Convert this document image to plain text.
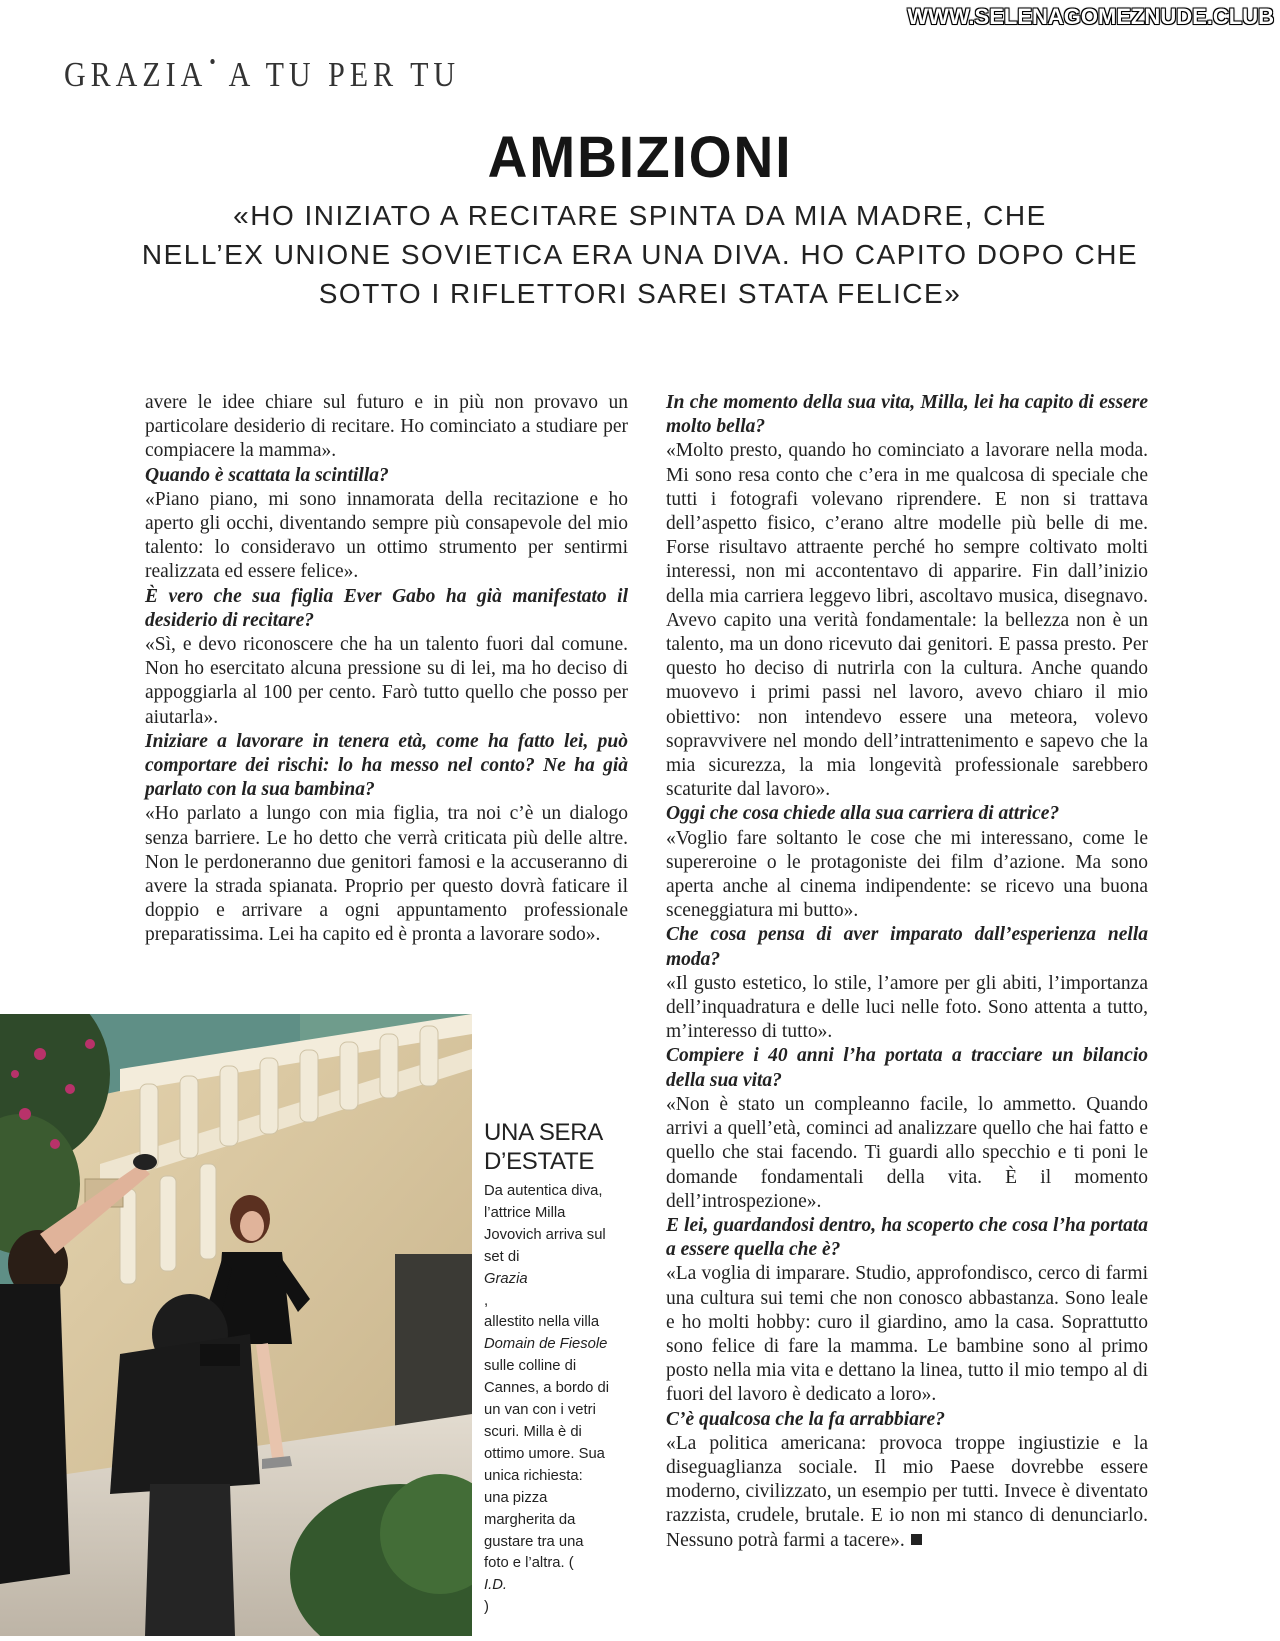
WWW.SELENAGOMEZNUDE.CLUB
GRAZIA • A TU PER TU
AMBIZIONI
«HO INIZIATO A RECITARE SPINTA DA MIA MADRE, CHE
NELL’EX UNIONE SOVIETICA ERA UNA DIVA. HO CAPITO DOPO CHE
SOTTO I RIFLETTORI SAREI STATA FELICE»

avere le idee chiare sul futuro e in più non provavo un particolare desiderio di recitare. Ho cominciato a studiare per compiacere la mamma».

Quando è scattata la scintilla?

«Piano piano, mi sono innamorata della recitazione e ho aperto gli occhi, diventando sempre più consapevole del mio talento: lo consideravo un ottimo strumento per sentirmi realizzata ed essere felice».

È vero che sua figlia Ever Gabo ha già manifestato il desiderio di recitare?

«Sì, e devo riconoscere che ha un talento fuori dal comune. Non ho esercitato alcuna pressione su di lei, ma ho deciso di appoggiarla al 100 per cento. Farò tutto quello che posso per aiutarla».

Iniziare a lavorare in tenera età, come ha fatto lei, può comportare dei rischi: lo ha messo nel conto? Ne ha già parlato con la sua bambina?

«Ho parlato a lungo con mia figlia, tra noi c’è un dialogo senza barriere. Le ho detto che verrà criticata più delle altre. Non le perdoneranno due genitori famosi e la accuseranno di avere la strada spianata. Proprio per questo dovrà faticare il doppio e arrivare a ogni appuntamento professionale preparatissima. Lei ha capito ed è pronta a lavorare sodo».

In che momento della sua vita, Milla, lei ha capito di essere molto bella?

«Molto presto, quando ho cominciato a lavorare nella moda. Mi sono resa conto che c’era in me qualcosa di speciale che tutti i fotografi volevano riprendere. E non si trattava dell’aspetto fisico, c’erano altre modelle più belle di me. Forse risultavo attraente perché ho sempre coltivato molti interessi, non mi accontentavo di apparire. Fin dall’inizio della mia carriera leggevo libri, ascoltavo musica, disegnavo. Avevo capito una verità fondamentale: la bellezza non è un talento, ma un dono ricevuto dai genitori. E passa presto. Per questo ho deciso di nutrirla con la cultura. Anche quando muovevo i primi passi nel lavoro, avevo chiaro il mio obiettivo: non intendevo essere una meteora, volevo sopravvivere nel mondo dell’intrattenimento e sapevo che la mia sicurezza, la mia longevità professionale sarebbero scaturite dal lavoro».

Oggi che cosa chiede alla sua carriera di attrice?

«Voglio fare soltanto le cose che mi interessano, come le supereroine o le protagoniste dei film d’azione. Ma sono aperta anche al cinema indipendente: se ricevo una buona sceneggiatura mi butto».

Che cosa pensa di aver imparato dall’esperienza nella moda?

«Il gusto estetico, lo stile, l’amore per gli abiti, l’importanza dell’inquadratura e delle luci nelle foto. Sono attenta a tutto, m’interesso di tutto».

Compiere i 40 anni l’ha portata a tracciare un bilancio della sua vita?

«Non è stato un compleanno facile, lo ammetto. Quando arrivi a quell’età, cominci ad analizzare quello che hai fatto e quello che stai facendo. Ti guardi allo specchio e ti poni le domande fondamentali della vita. È il momento dell’introspezione».

E lei, guardandosi dentro, ha scoperto che cosa l’ha portata a essere quella che è?

«La voglia di imparare. Studio, approfondisco, cerco di farmi una cultura sui temi che non conosco abbastanza. Sono leale e ho molti hobby: curo il giardino, amo la casa. Soprattutto sono felice di fare la mamma. Le bambine sono al primo posto nella mia vita e dettano la linea, tutto il mio tempo al di fuori del lavoro è dedicato a loro».

C’è qualcosa che la fa arrabbiare?

«La politica americana: provoca troppe ingiustizie e la diseguaglianza sociale. Il mio Paese dovrebbe essere moderno, civilizzato, un esempio per tutti. Invece è diventato razzista, crudele, brutale. E io non mi stanco di denunciarlo. Nessuno potrà farmi a tacere».

UNA SERA
D’ESTATE
Da autentica diva,
l’attrice Milla
Jovovich arriva sul
set di
Grazia
,
allestito nella villa
Domain de Fiesole
sulle colline di
Cannes, a bordo di
un van con i vetri
scuri. Milla è di
ottimo umore. Sua
unica richiesta:
una pizza
margherita da
gustare tra una
foto e l’altra. (
I.D.
)
